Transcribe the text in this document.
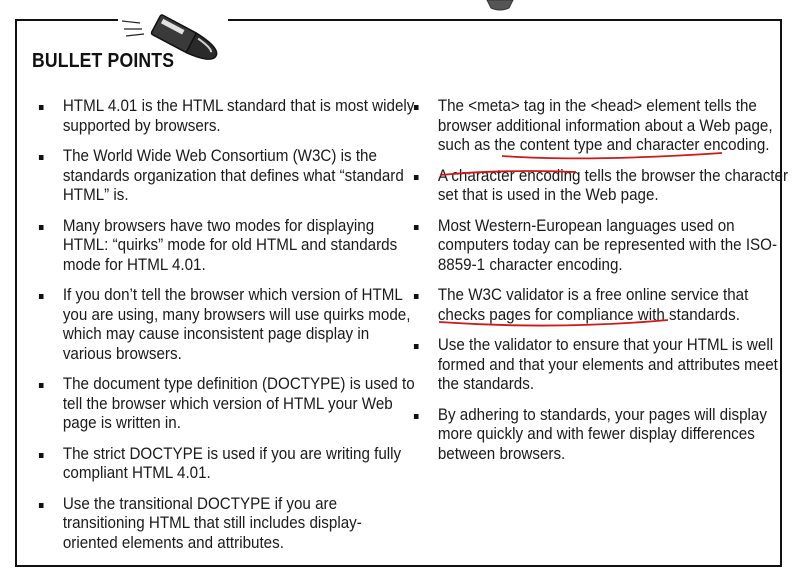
BULLET POINTS
HTML 4.01 is the HTML standard that is most widely supported by browsers.
The World Wide Web Consortium (W3C) is the standards organization that defines what “standard HTML” is.
Many browsers have two modes for displaying HTML: “quirks” mode for old HTML and standards mode for HTML 4.01.
If you don’t tell the browser which version of HTML you are using, many browsers will use quirks mode, which may cause inconsistent page display in various browsers.
The document type definition (DOCTYPE) is used to tell the browser which version of HTML your Web page is written in.
The strict DOCTYPE is used if you are writing fully compliant HTML 4.01.
Use the transitional DOCTYPE if you are transitioning HTML that still includes display-oriented elements and attributes.
The <meta> tag in the <head> element tells the browser additional information about a Web page, such as the content type and character encoding.
A character encoding tells the browser the character set that is used in the Web page.
Most Western-European languages used on computers today can be represented with the ISO-8859-1 character encoding.
The W3C validator is a free online service that checks pages for compliance with standards.
Use the validator to ensure that your HTML is well formed and that your elements and attributes meet the standards.
By adhering to standards, your pages will display more quickly and with fewer display differences between browsers.
